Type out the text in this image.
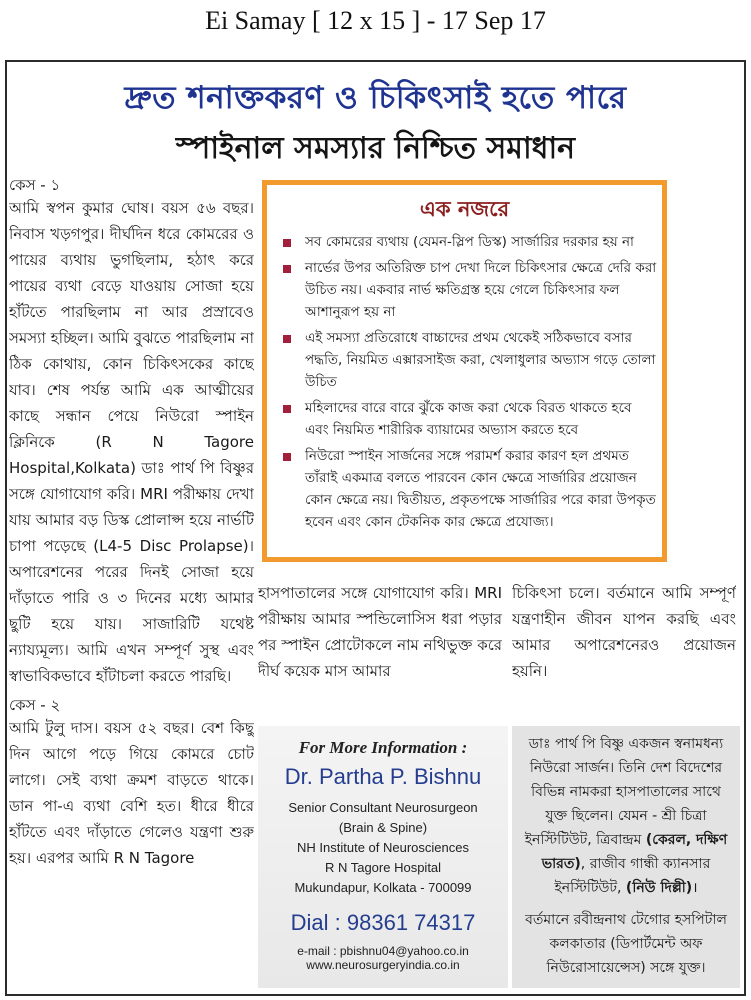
Ei Samay [ 12 x 15 ] - 17 Sep 17
দ্রুত শনাক্তকরণ ও চিকিৎসাই হতে পারে
স্পাইনাল সমস্যার নিশ্চিত সমাধান
কেস - ১

আমি স্বপন কুমার ঘোষ। বয়স ৫৬ বছর। নিবাস খড়গপুর। দীর্ঘদিন ধরে কোমরের ও পায়ের ব্যথায় ভুগছিলাম, হঠাৎ করে পায়ের ব্যথা বেড়ে যাওয়ায় সোজা হয়ে হাঁটতে পারছিলাম না আর প্রস্রাবেও সমস্যা হচ্ছিল। আমি বুঝতে পারছিলাম না ঠিক কোথায়, কোন চিকিৎসকের কাছে যাব। শেষ পর্যন্ত আমি এক আত্মীয়ের কাছে সন্ধান পেয়ে নিউরো স্পাইন ক্লিনিকে (R N Tagore Hospital,Kolkata) ডাঃ পার্থ পি বিষ্ণুর সঙ্গে যোগাযোগ করি। MRI পরীক্ষায় দেখা যায় আমার বড় ডিস্ক প্রোলাপ্স হয়ে নার্ভটি চাপা পড়েছে (L4-5 Disc Prolapse)। অপারেশনের পরের দিনই সোজা হয়ে দাঁড়াতে পারি ও ৩ দিনের মধ্যে আমার ছুটি হয়ে যায়। সাজারিটি যথেষ্ট ন্যায্যমূল্য। আমি এখন সম্পূর্ণ সুস্থ এবং স্বাভাবিকভাবে হাঁটাচলা করতে পারছি।

কেস - ২

আমি টুলু দাস। বয়স ৫২ বছর। বেশ কিছু দিন আগে পড়ে গিয়ে কোমরে চোট লাগে। সেই ব্যথা ক্রমশ বাড়তে থাকে। ডান পা-এ ব্যথা বেশি হত। ধীরে ধীরে হাঁটতে এবং দাঁড়াতে গেলেও যন্ত্রণা শুরু হয়। এরপর আমি R N Tagore

এক নজরে
সব কোমরের ব্যথায় (যেমন-স্লিপ ডিস্ক) সার্জারির দরকার হয় না
নার্ভের উপর অতিরিক্ত চাপ দেখা দিলে চিকিৎসার ক্ষেত্রে দেরি করা উচিত নয়। একবার নার্ভ ক্ষতিগ্রস্ত হয়ে গেলে চিকিৎসার ফল আশানুরূপ হয় না
এই সমস্যা প্রতিরোধে বাচ্চাদের প্রথম থেকেই সঠিকভাবে বসার পদ্ধতি, নিয়মিত এক্সারসাইজ করা, খেলাধুলার অভ্যাস গড়ে তোলা উচিত
মহিলাদের বারে বারে ঝুঁকে কাজ করা থেকে বিরত থাকতে হবে এবং নিয়মিত শারীরিক ব্যায়ামের অভ্যাস করতে হবে
নিউরো স্পাইন সার্জনের সঙ্গে পরামর্শ করার কারণ হল প্রথমত তাঁরাই একমাত্র বলতে পারবেন কোন ক্ষেত্রে সার্জারির প্রয়োজন কোন ক্ষেত্রে নয়। দ্বিতীয়ত, প্রকৃতপক্ষে সার্জারির পরে কারা উপকৃত হবেন এবং কোন টেকনিক কার ক্ষেত্রে প্রযোজ্য।

হাসপাতালের সঙ্গে যোগাযোগ করি। MRI পরীক্ষায় আমার স্পন্ডিলোসিস ধরা পড়ার পর স্পাইন প্রোটোকলে নাম নথিভুক্ত করে দীর্ঘ কয়েক মাস আমার

চিকিৎসা চলে। বর্তমানে আমি সম্পূর্ণ যন্ত্রণাহীন জীবন যাপন করছি এবং আমার অপারেশনেরও প্রয়োজন হয়নি।

For More Information :
Dr. Partha P. Bishnu
Senior Consultant Neurosurgeon
(Brain & Spine)
NH Institute of Neurosciences
R N Tagore Hospital
Mukundapur, Kolkata - 700099
Dial : 98361 74317
e-mail : pbishnu04@yahoo.co.in
www.neurosurgeryindia.co.in

ডাঃ পার্থ পি বিষ্ণু একজন স্বনামধন্য নিউরো সার্জন। তিনি দেশ বিদেশের বিভিন্ন নামকরা হাসপাতালের সাথে যুক্ত ছিলেন। যেমন - শ্রী চিত্রা ইনস্টিটিউট, ত্রিবান্দ্রম (কেরল, দক্ষিণ ভারত), রাজীব গান্ধী ক্যানসার ইনস্টিটিউট, (নিউ দিল্লী)।

বর্তমানে রবীন্দ্রনাথ টেগোর হসপিটাল কলকাতার (ডিপার্টমেন্ট অফ নিউরোসায়েন্সেস) সঙ্গে যুক্ত।
